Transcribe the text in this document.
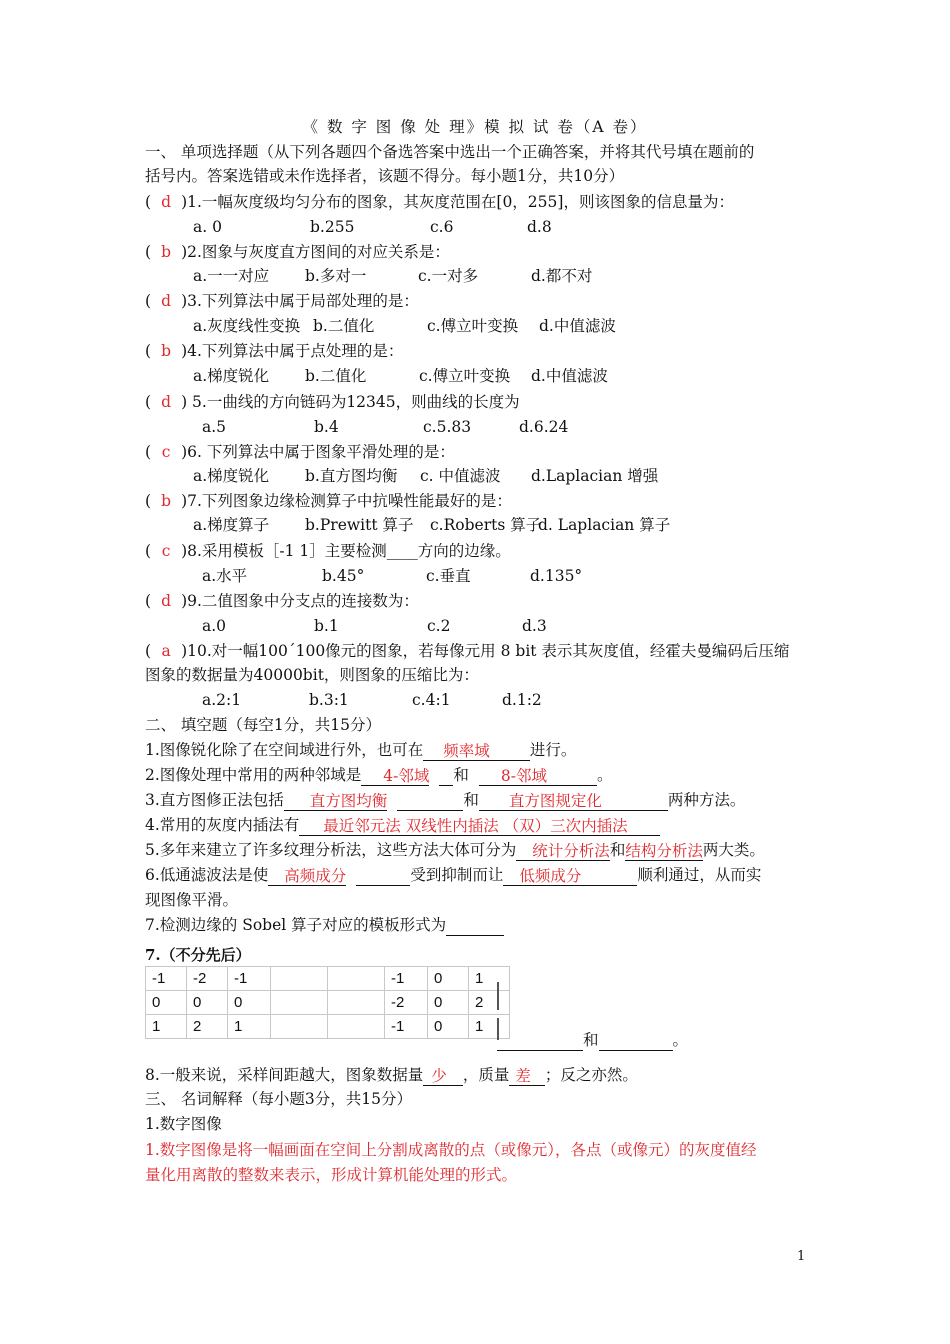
《 数 字 图 像 处 理》模 拟 试 卷（A 卷）
一、 单项选择题（从下列各题四个备选答案中选出一个正确答案，并将其代号填在题前的
括号内。答案选错或未作选择者，该题不得分。每小题1分，共10分）
( d )1.一幅灰度级均匀分布的图象，其灰度范围在[0，255]，则该图象的信息量为：
a. 0	b.255	c.6	d.8
( b )2.图象与灰度直方图间的对应关系是：
a.一一对应 b.多对一	c.一对多	d.都不对
( d )3.下列算法中属于局部处理的是：
a.灰度线性变换 b.二值化	c.傅立叶变换 d.中值滤波
( b )4.下列算法中属于点处理的是：
a.梯度锐化 b.二值化	c.傅立叶变换 d.中值滤波
( d ) 5.一曲线的方向链码为12345，则曲线的长度为
a.5	b.4	c.5.83	d.6.24
( c )6. 下列算法中属于图象平滑处理的是：
a.梯度锐化 b.直方图均衡 c. 中值滤波 d.Laplacian 增强
( b )7.下列图象边缘检测算子中抗噪性能最好的是：
a.梯度算子 b.Prewitt 算子 c.Roberts 算子
d. Laplacian 算子
( c )8.采用模板［-1 1］主要检测____方向的边缘。
a.水平	b.45°	c.垂直	d.135°
( d )9.二值图象中分支点的连接数为：
a.0	b.1	c.2	d.3
( a )10.对一幅100´100像元的图象，若每像元用 8 bit 表示其灰度值，经霍夫曼编码后压缩
图象的数据量为40000bit，则图象的压缩比为：
a.2:1	b.3:1	c.4:1	d.1:2
二、 填空题（每空1分，共15分）
1.图像锐化除了在空间域进行外，也可在 频率域	进行。
2.图像处理中常用的两种邻域是 4-邻域 和 8-邻域	。
3.直方图修正法包括 直方图均衡	和 直方图规定化	两种方法。
4.常用的灰度内插法有 最近邻元法 双线性内插法 （双）三次内插法
5.多年来建立了许多纹理分析法，这些方法大体可分为 统计分析法和结构分析法两大类。
6.低通滤波法是使 高频成分	受到抑制而让 低频成分	顺利通过，从而实
现图像平滑。
7.检测边缘的 Sobel 算子对应的模板形式为
7.（不分先后）
-1	-2	-1			-1	0	1
0	0	0			-2	0	2
1	2	1			-1	0	1
和	。
8.一般来说，采样间距越大，图象数据量 少 ，质量 差 ；反之亦然。
三、 名词解释（每小题3分，共15分）
1.数字图像
1.数字图像是将一幅画面在空间上分割成离散的点（或像元），各点（或像元）的灰度值经
量化用离散的整数来表示，形成计算机能处理的形式。
1
